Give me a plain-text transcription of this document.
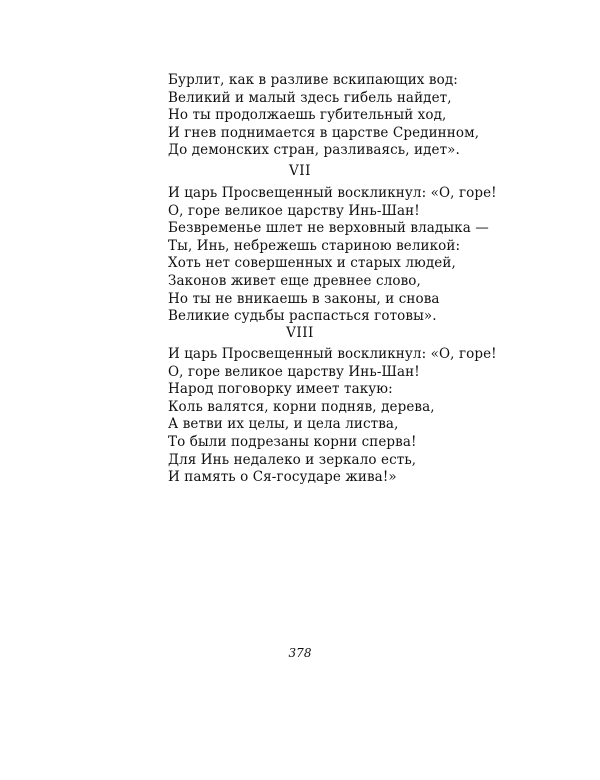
Бурлит, как в разливе вскипающих вод:
Великий и малый здесь гибель найдет,
Но ты продолжаешь губительный ход,
И гнев поднимается в царстве Срединном,
До демонских стран, разливаясь, идет».
VII
И царь Просвещенный воскликнул: «О, горе!
О, горе великое царству Инь-Шан!
Безвременье шлет не верховный владыка —
Ты, Инь, небрежешь стариною великой:
Хоть нет совершенных и старых людей,
Законов живет еще древнее слово,
Но ты не вникаешь в законы, и снова
Великие судьбы распасться готовы».
VIII
И царь Просвещенный воскликнул: «О, горе!
О, горе великое царству Инь-Шан!
Народ поговорку имеет такую:
Коль валятся, корни подняв, дерева,
А ветви их целы, и цела листва,
То были подрезаны корни сперва!
Для Инь недалеко и зеркало есть,
И память о Ся-государе жива!»
378
